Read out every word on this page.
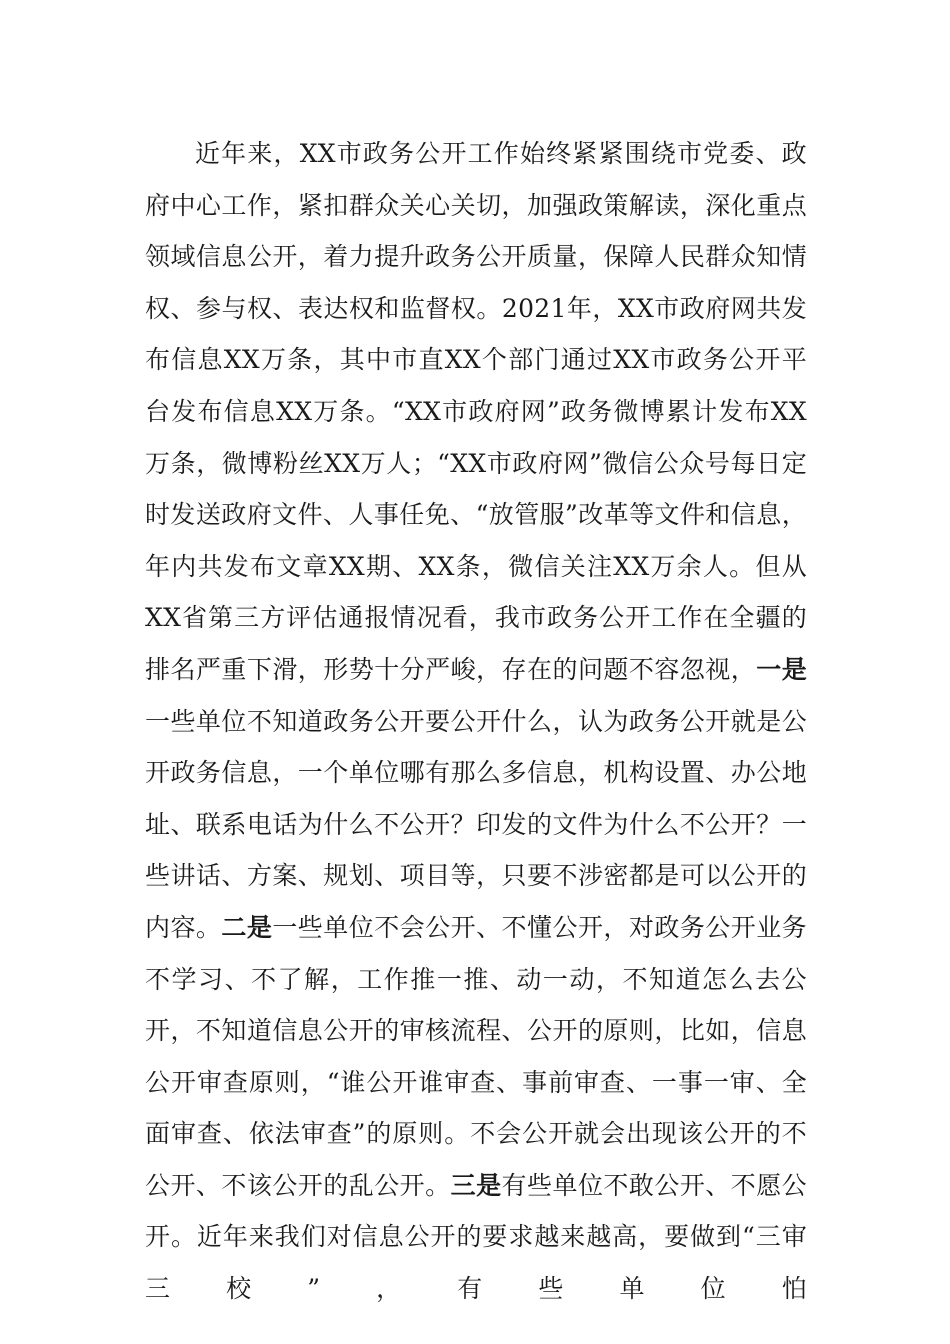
近年来，XX市政务公开工作始终紧紧围绕市党委、政府中心工作，紧扣群众关心关切，加强政策解读，深化重点领域信息公开，着力提升政务公开质量，保障人民群众知情权、参与权、表达权和监督权。2021年，XX市政府网共发布信息XX万条，其中市直XX个部门通过XX市政务公开平台发布信息XX万条。“XX市政府网”政务微博累计发布XX万条，微博粉丝XX万人；“XX市政府网”微信公众号每日定时发送政府文件、人事任免、“放管服”改革等文件和信息，年内共发布文章XX期、XX条，微信关注XX万余人。但从XX省第三方评估通报情况看，我市政务公开工作在全疆的排名严重下滑，形势十分严峻，存在的问题不容忽视，一是一些单位不知道政务公开要公开什么，认为政务公开就是公开政务信息，一个单位哪有那么多信息，机构设置、办公地址、联系电话为什么不公开？印发的文件为什么不公开？一些讲话、方案、规划、项目等，只要不涉密都是可以公开的内容。二是一些单位不会公开、不懂公开，对政务公开业务不学习、不了解，工作推一推、动一动，不知道怎么去公开，不知道信息公开的审核流程、公开的原则，比如，信息公开审查原则，“谁公开谁审查、事前审查、一事一审、全面审查、依法审查”的原则。不会公开就会出现该公开的不公开、不该公开的乱公开。三是有些单位不敢公开、不愿公开。近年来我们对信息公开的要求越来越高，要做到“三审三校”，有些单位怕
